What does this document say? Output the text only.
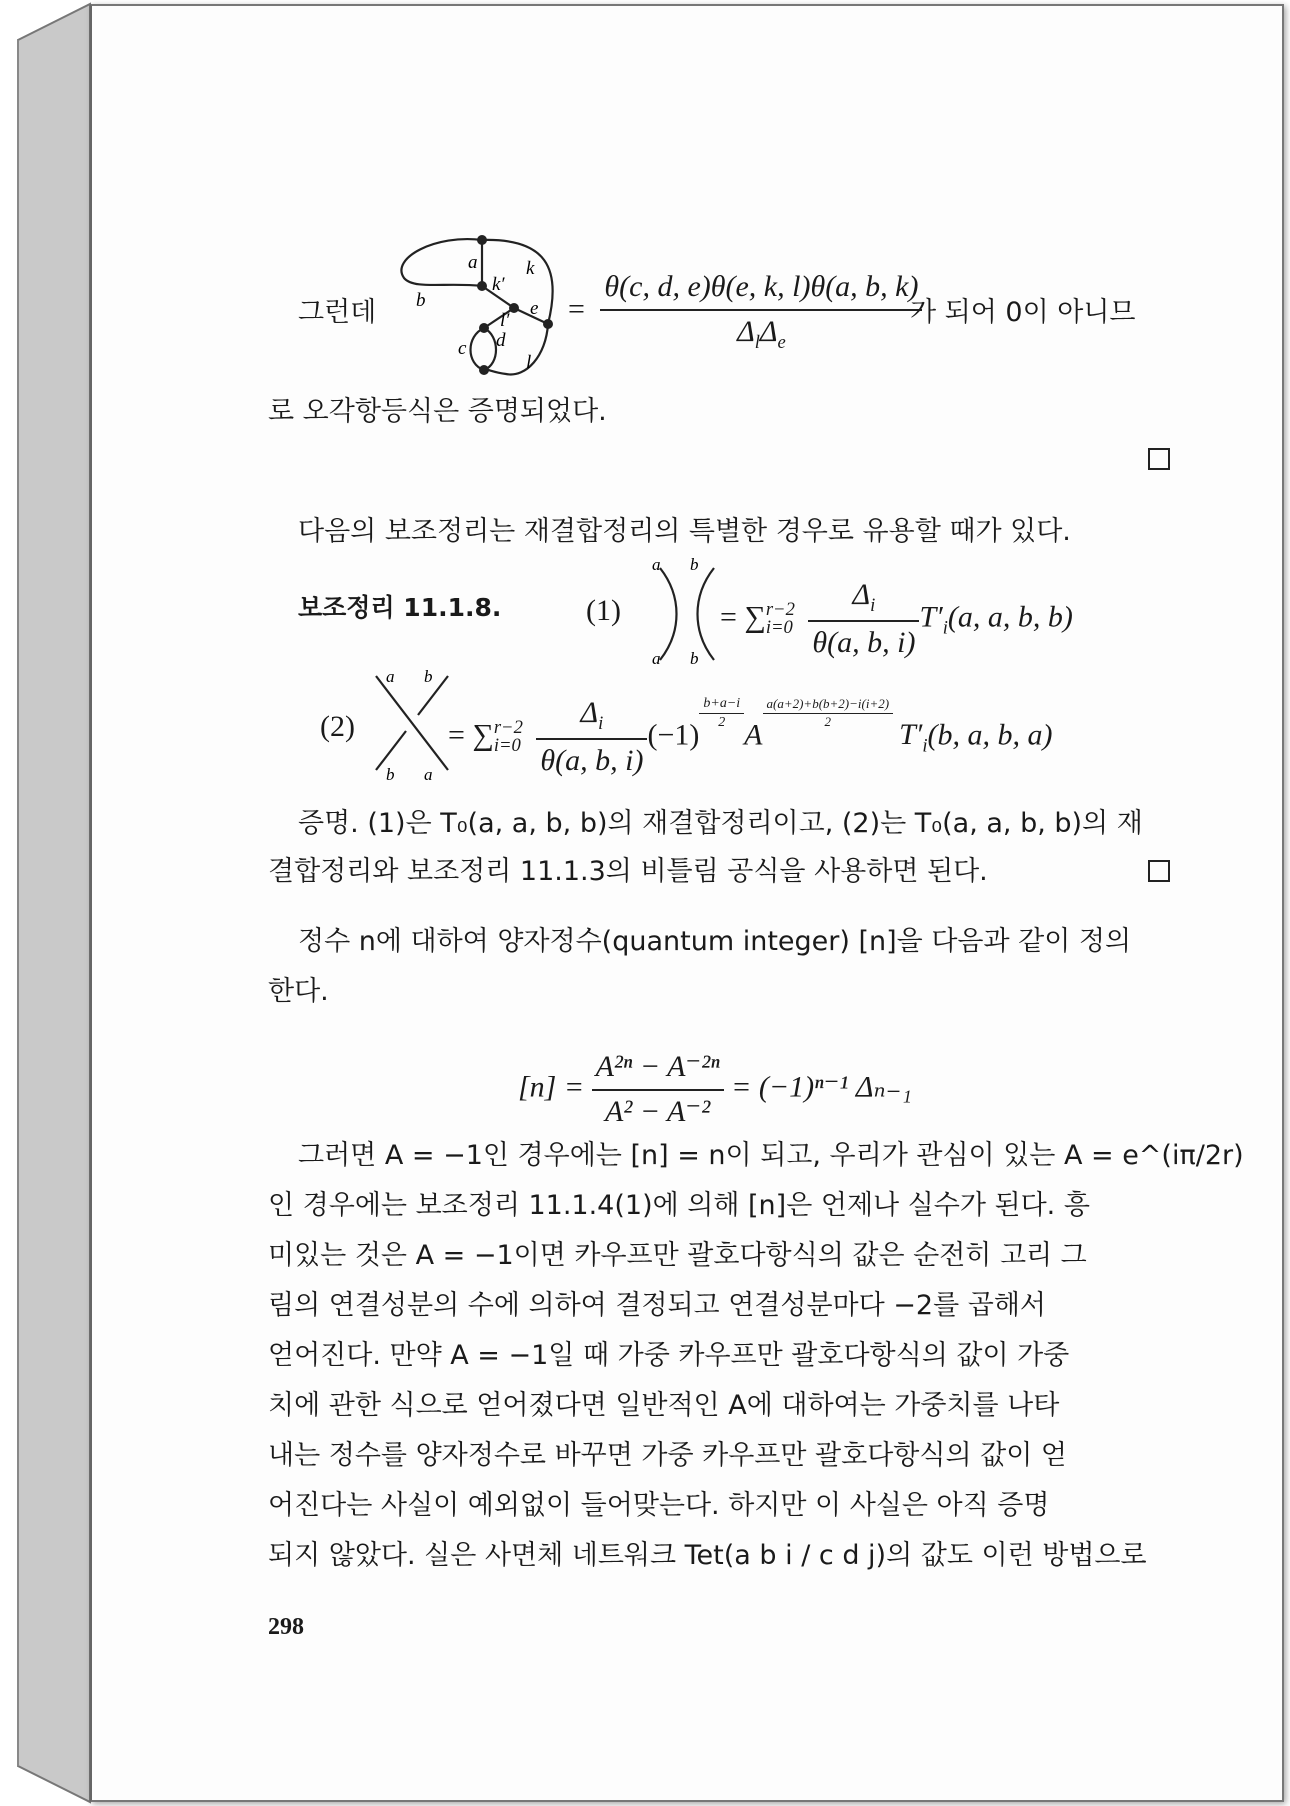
그런데
a
b
k
k′
l′
e
c d
l
= $\frac{\theta(c, d, e)\theta(e, k, l)\theta(a, b, k)}{\Delta_l\Delta_e}$
가 되어 0이 아니므
로 오각항등식은 증명되었다.
다음의 보조정리는 재결합정리의 특별한 경우로 유용할 때가 있다.
보조정리 11.1.8.	(1)
a b
a b
= ∑ r−2
i=0
$\frac{\Delta_i}{\theta(a, b, i)} T'_i(a$, a, b, b)
(2)
a b
b a
= ∑ r−2
i=0
$\frac{\Delta_i}{\theta(a, b, i)} (-1)$
$\frac{b+a-i}{2}$
A
$\frac{a(a+2)+b(b+2)-i(i+2)}{2}$
$T'_i(b$, a, b, a)
증명. (1)은 T₀(a, a, b, b)의 재결합정리이고, (2)는 T₀(a, a, b, b)의 재
결합정리와 보조정리 11.1.3의 비틀림 공식을 사용하면 된다.
정수 n에 대하여 양자정수(quantum integer) [n]을 다음과 같이 정의
한다.
$[n] = \frac{\text{A²ⁿ − A⁻²ⁿ}}{\text{A² − A⁻²}} = (-1)^{n-1}$ Δₙ₋₁
그러면 A = −1인 경우에는 [n] = n이 되고, 우리가 관심이 있는 A = e^(iπ/2r)
인 경우에는 보조정리 11.1.4(1)에 의해 [n]은 언제나 실수가 된다. 흥
미있는 것은 A = −1이면 카우프만 괄호다항식의 값은 순전히 고리 그
림의 연결성분의 수에 의하여 결정되고 연결성분마다 −2를 곱해서
얻어진다. 만약 A = −1일 때 가중 카우프만 괄호다항식의 값이 가중
치에 관한 식으로 얻어졌다면 일반적인 A에 대하여는 가중치를 나타
내는 정수를 양자정수로 바꾸면 가중 카우프만 괄호다항식의 값이 얻
어진다는 사실이 예외없이 들어맞는다. 하지만 이 사실은 아직 증명
되지 않았다. 실은 사면체 네트워크 Tet(a b i / c d j)의 값도 이런 방법으로
298
